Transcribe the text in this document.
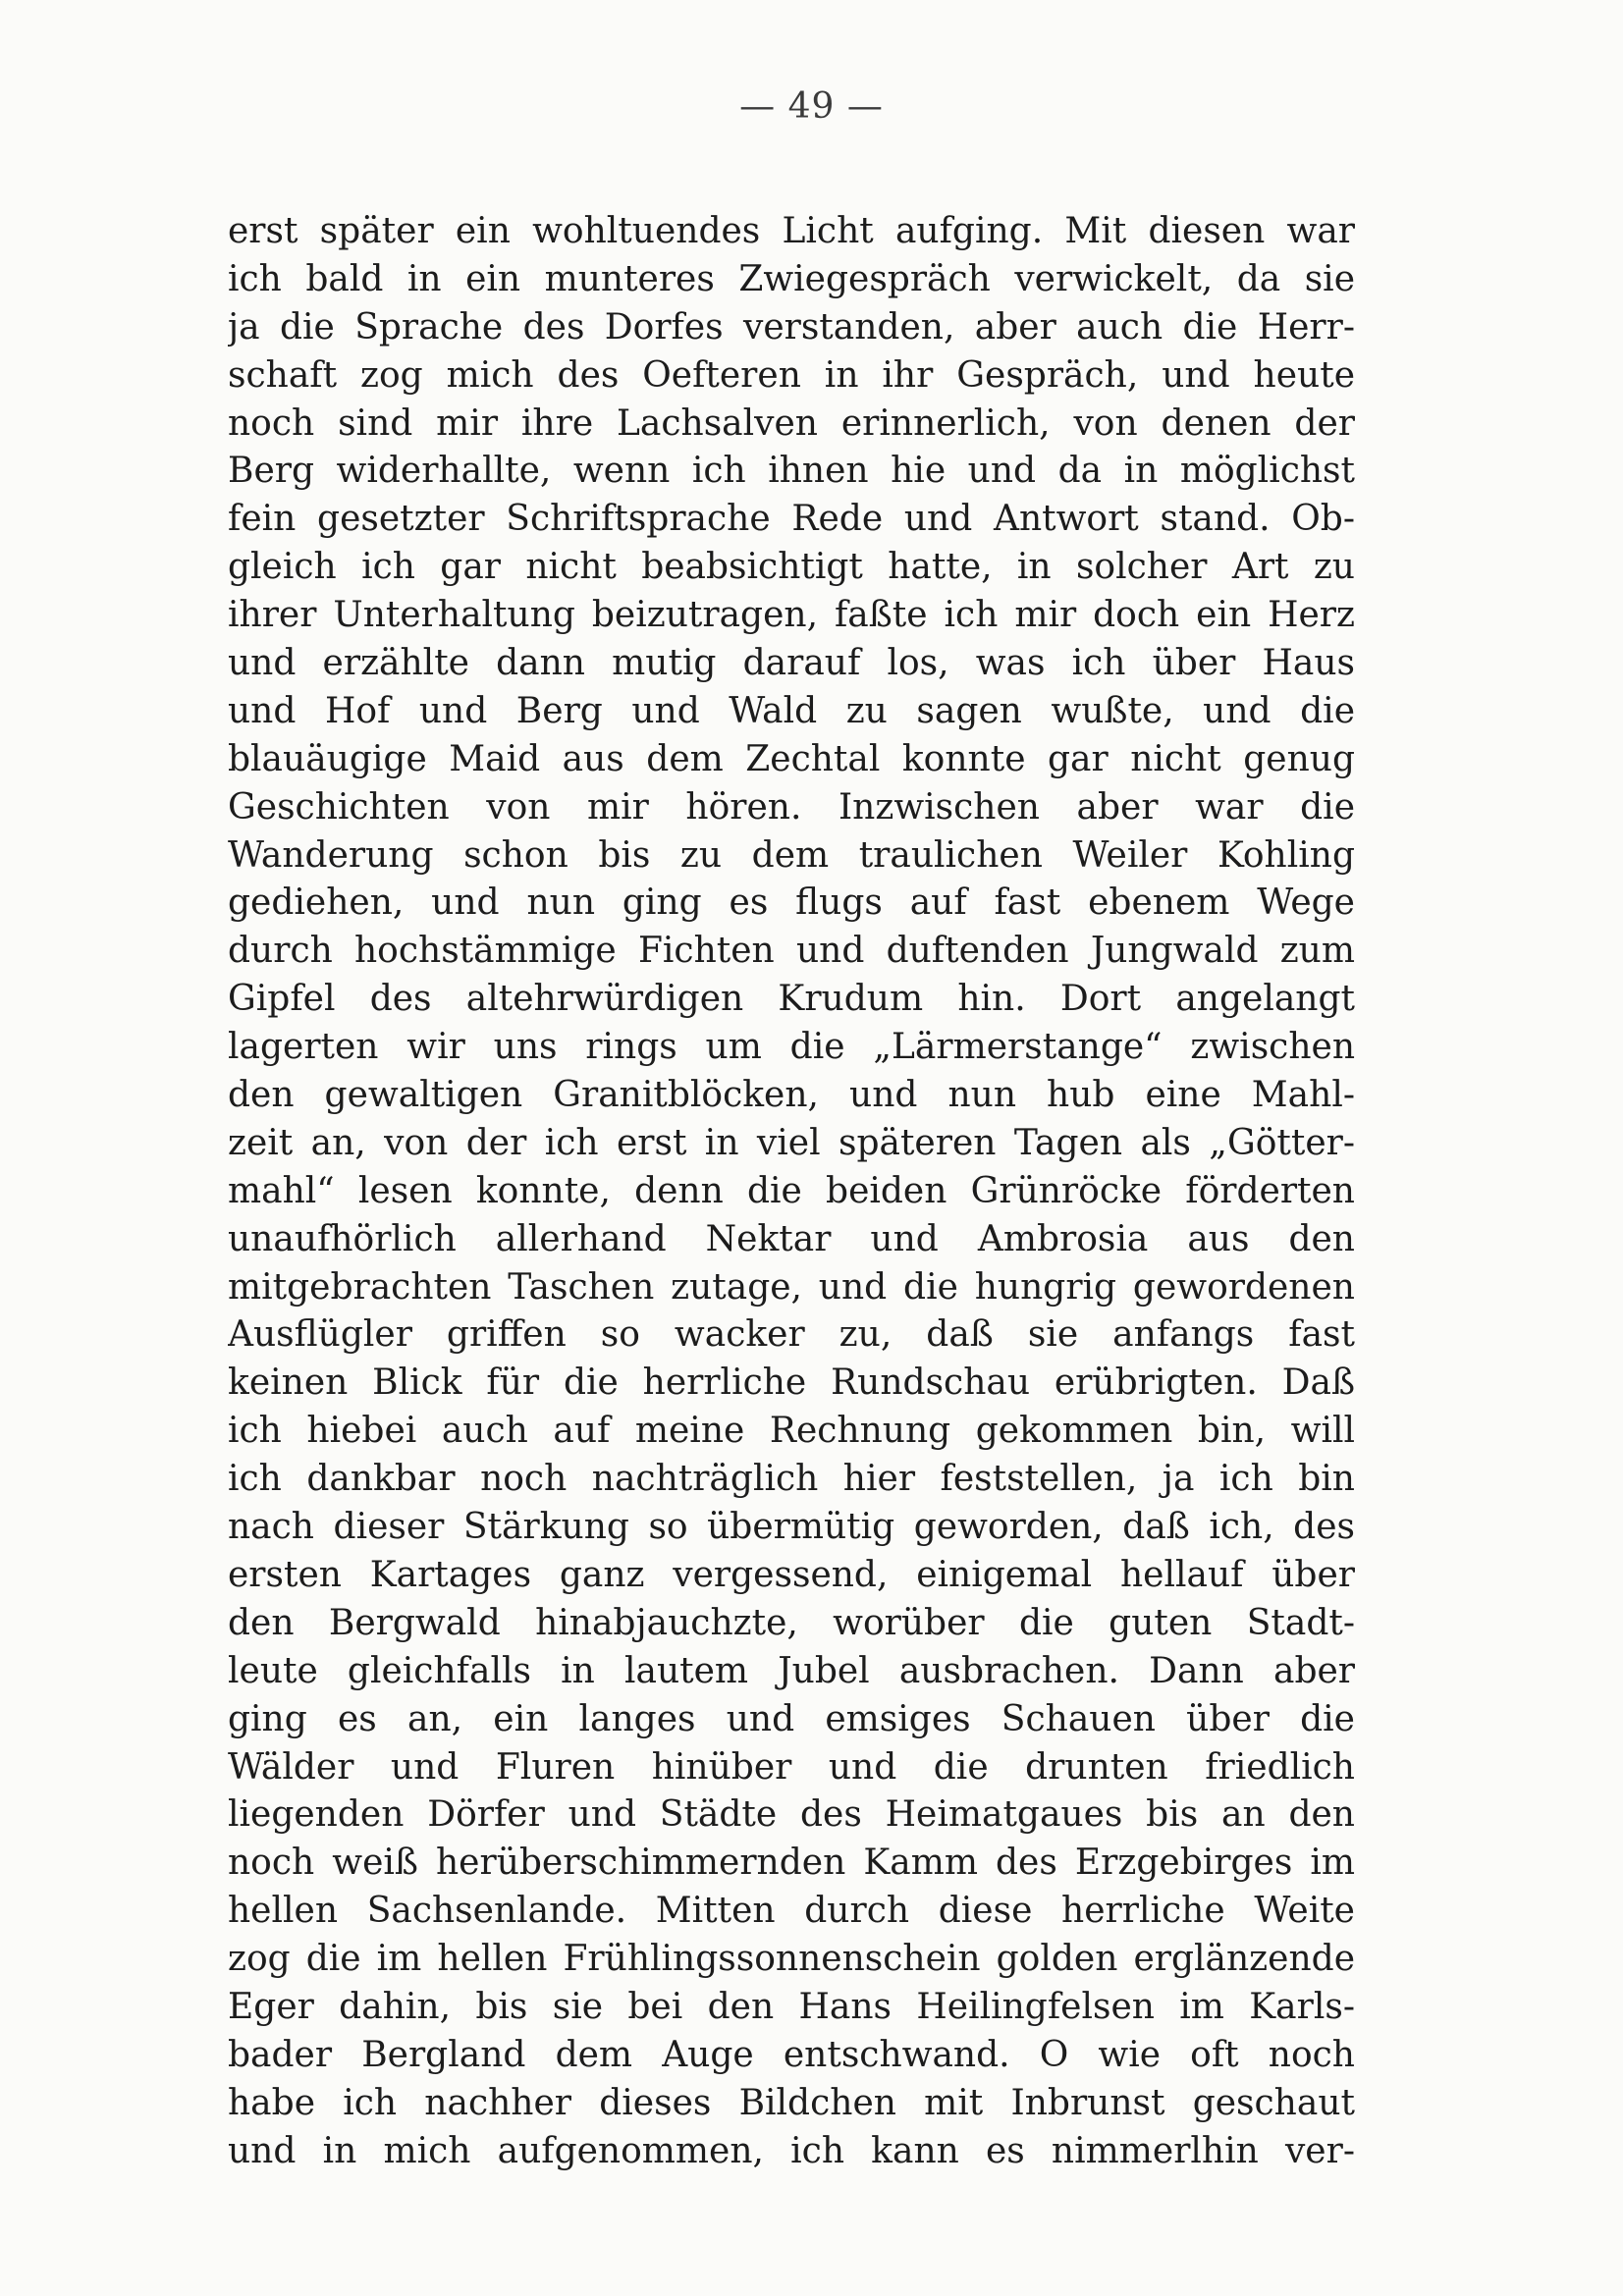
— 49 —
erst später ein wohltuendes Licht aufging. Mit diesen war
ich bald in ein munteres Zwiegespräch verwickelt, da sie
ja die Sprache des Dorfes verstanden, aber auch die Herr-
schaft zog mich des Oefteren in ihr Gespräch, und heute
noch sind mir ihre Lachsalven erinnerlich, von denen der
Berg widerhallte, wenn ich ihnen hie und da in möglichst
fein gesetzter Schriftsprache Rede und Antwort stand. Ob-
gleich ich gar nicht beabsichtigt hatte, in solcher Art zu
ihrer Unterhaltung beizutragen, faßte ich mir doch ein Herz
und erzählte dann mutig darauf los, was ich über Haus
und Hof und Berg und Wald zu sagen wußte, und die
blauäugige Maid aus dem Zechtal konnte gar nicht genug
Geschichten von mir hören. Inzwischen aber war die
Wanderung schon bis zu dem traulichen Weiler Kohling
gediehen, und nun ging es flugs auf fast ebenem Wege
durch hochstämmige Fichten und duftenden Jungwald zum
Gipfel des altehrwürdigen Krudum hin. Dort angelangt
lagerten wir uns rings um die „Lärmerstange“ zwischen
den gewaltigen Granitblöcken, und nun hub eine Mahl-
zeit an, von der ich erst in viel späteren Tagen als „Götter-
mahl“ lesen konnte, denn die beiden Grünröcke förderten
unaufhörlich allerhand Nektar und Ambrosia aus den
mitgebrachten Taschen zutage, und die hungrig gewordenen
Ausflügler griffen so wacker zu, daß sie anfangs fast
keinen Blick für die herrliche Rundschau erübrigten. Daß
ich hiebei auch auf meine Rechnung gekommen bin, will
ich dankbar noch nachträglich hier feststellen, ja ich bin
nach dieser Stärkung so übermütig geworden, daß ich, des
ersten Kartages ganz vergessend, einigemal hellauf über
den Bergwald hinabjauchzte, worüber die guten Stadt-
leute gleichfalls in lautem Jubel ausbrachen. Dann aber
ging es an, ein langes und emsiges Schauen über die
Wälder und Fluren hinüber und die drunten friedlich
liegenden Dörfer und Städte des Heimatgaues bis an den
noch weiß herüberschimmernden Kamm des Erzgebirges im
hellen Sachsenlande. Mitten durch diese herrliche Weite
zog die im hellen Frühlingssonnenschein golden erglänzende
Eger dahin, bis sie bei den Hans Heilingfelsen im Karls-
bader Bergland dem Auge entschwand. O wie oft noch
habe ich nachher dieses Bildchen mit Inbrunst geschaut
und in mich aufgenommen, ich kann es nimmerlhin ver-
